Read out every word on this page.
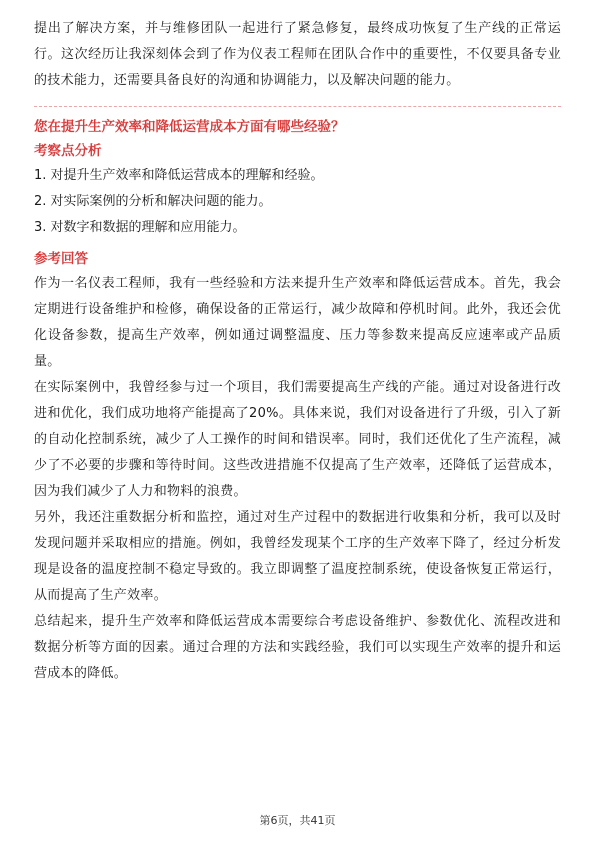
提出了解决方案，并与维修团队一起进行了紧急修复，最终成功恢复了生产线的正常运行。这次经历让我深刻体会到了作为仪表工程师在团队合作中的重要性，不仅要具备专业的技术能力，还需要具备良好的沟通和协调能力，以及解决问题的能力。

您在提升生产效率和降低运营成本方面有哪些经验？

考察点分析

1. 对提升生产效率和降低运营成本的理解和经验。

2. 对实际案例的分析和解决问题的能力。

3. 对数字和数据的理解和应用能力。

参考回答

作为一名仪表工程师，我有一些经验和方法来提升生产效率和降低运营成本。首先，我会定期进行设备维护和检修，确保设备的正常运行，减少故障和停机时间。此外，我还会优化设备参数，提高生产效率，例如通过调整温度、压力等参数来提高反应速率或产品质量。

在实际案例中，我曾经参与过一个项目，我们需要提高生产线的产能。通过对设备进行改进和优化，我们成功地将产能提高了20%。具体来说，我们对设备进行了升级，引入了新的自动化控制系统，减少了人工操作的时间和错误率。同时，我们还优化了生产流程，减少了不必要的步骤和等待时间。这些改进措施不仅提高了生产效率，还降低了运营成本，因为我们减少了人力和物料的浪费。

另外，我还注重数据分析和监控，通过对生产过程中的数据进行收集和分析，我可以及时发现问题并采取相应的措施。例如，我曾经发现某个工序的生产效率下降了，经过分析发现是设备的温度控制不稳定导致的。我立即调整了温度控制系统，使设备恢复正常运行，从而提高了生产效率。

总结起来，提升生产效率和降低运营成本需要综合考虑设备维护、参数优化、流程改进和数据分析等方面的因素。通过合理的方法和实践经验，我们可以实现生产效率的提升和运营成本的降低。

第6页，共41页
